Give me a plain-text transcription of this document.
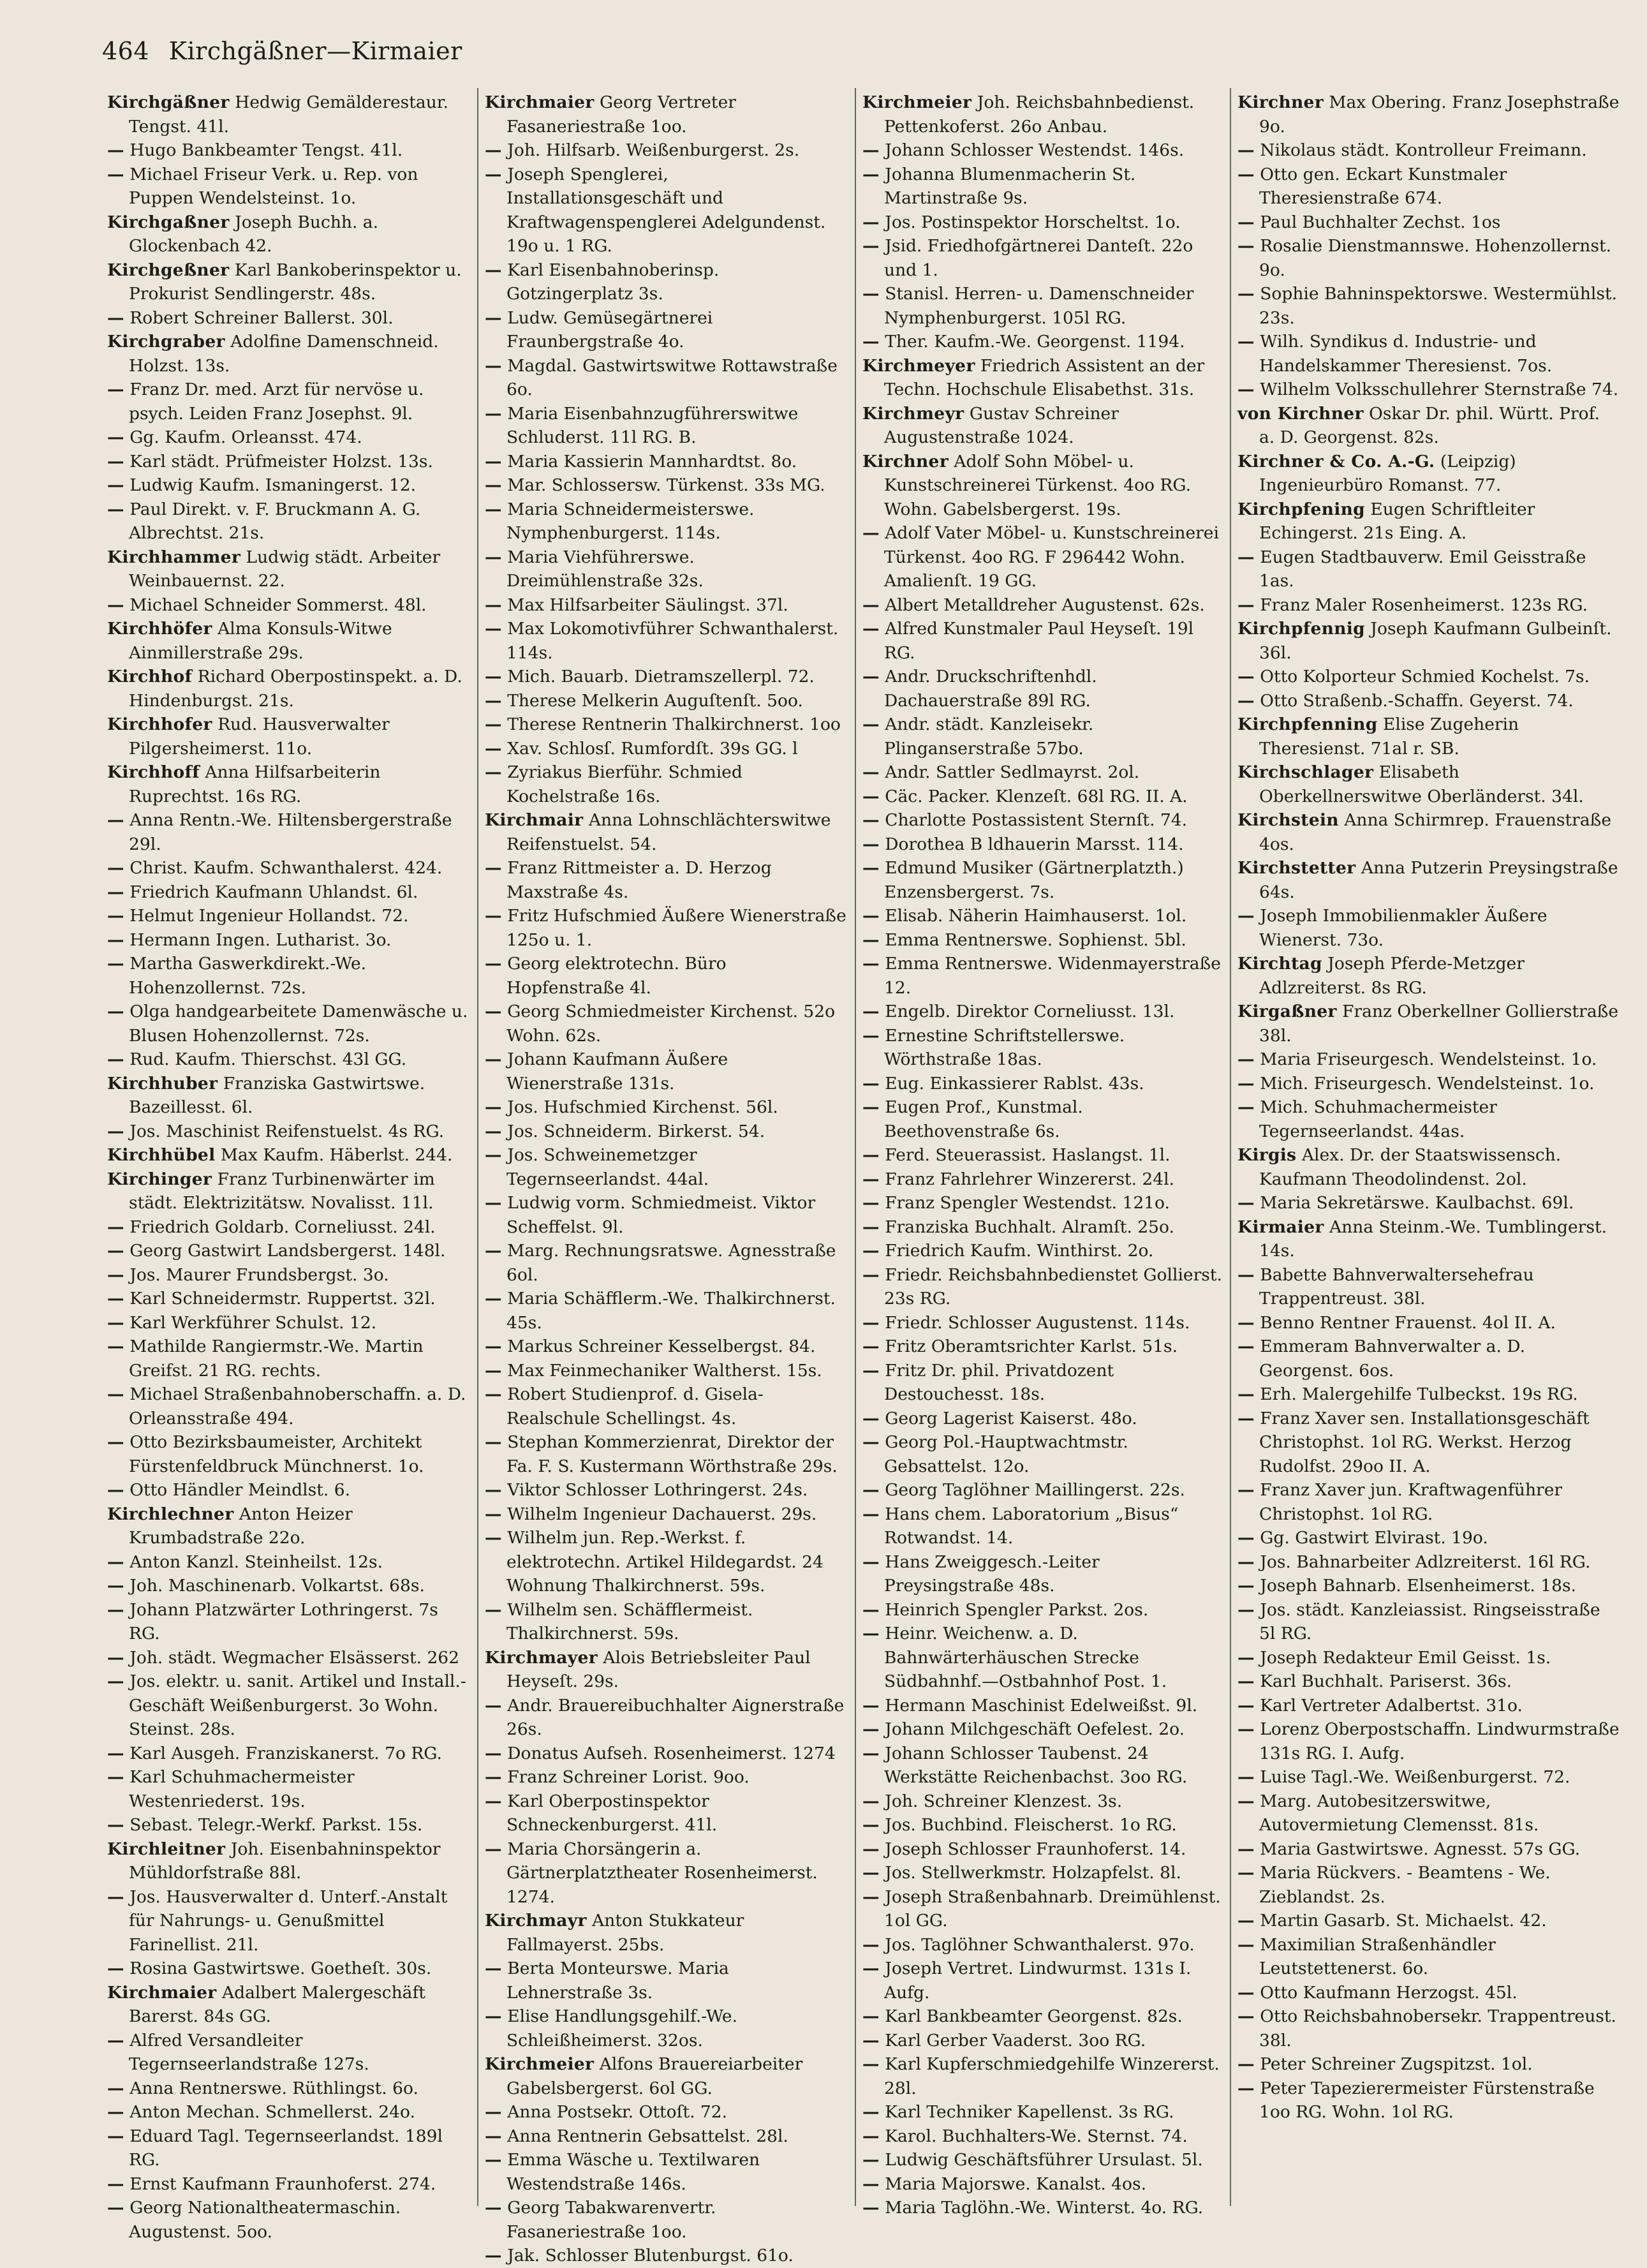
464 Kirchgäßner—Kirmaier

Kirchgäßner Hedwig Gemälderestaur. Tengst. 41l.

— Hugo Bankbeamter Tengst. 41l.

— Michael Friseur Verk. u. Rep. von Puppen Wendelsteinst. 1o.

Kirchgaßner Joseph Buchh. a. Glockenbach 42.

Kirchgeßner Karl Bankoberinspektor u. Prokurist Sendlingerstr. 48s.

— Robert Schreiner Ballerst. 30l.

Kirchgraber Adolfine Damenschneid. Holzst. 13s.

— Franz Dr. med. Arzt für nervöse u. psych. Leiden Franz Josephst. 9l.

— Gg. Kaufm. Orleansst. 474.

— Karl städt. Prüfmeister Holzst. 13s.

— Ludwig Kaufm. Ismaningerst. 12.

— Paul Direkt. v. F. Bruckmann A. G. Albrechtst. 21s.

Kirchhammer Ludwig städt. Arbeiter Weinbauernst. 22.

— Michael Schneider Sommerst. 48l.

Kirchhöfer Alma Konsuls-Witwe Ainmillerstraße 29s.

Kirchhof Richard Oberpostinspekt. a. D. Hindenburgst. 21s.

Kirchhofer Rud. Hausverwalter Pilgersheimerst. 11o.

Kirchhoff Anna Hilfsarbeiterin Ruprechtst. 16s RG.

— Anna Rentn.-We. Hiltensbergerstraße 29l.

— Christ. Kaufm. Schwanthalerst. 424.

— Friedrich Kaufmann Uhlandst. 6l.

— Helmut Ingenieur Hollandst. 72.

— Hermann Ingen. Lutharist. 3o.

— Martha Gaswerkdirekt.-We. Hohenzollernst. 72s.

— Olga handgearbeitete Damenwäsche u. Blusen Hohenzollernst. 72s.

— Rud. Kaufm. Thierschst. 43l GG.

Kirchhuber Franziska Gastwirtswe. Bazeillesst. 6l.

— Jos. Maschinist Reifenstuelst. 4s RG.

Kirchhübel Max Kaufm. Häberlst. 244.

Kirchinger Franz Turbinenwärter im städt. Elektrizitätsw. Novalisst. 11l.

— Friedrich Goldarb. Corneliusst. 24l.

— Georg Gastwirt Landsbergerst. 148l.

— Jos. Maurer Frundsbergst. 3o.

— Karl Schneidermstr. Ruppertst. 32l.

— Karl Werkführer Schulst. 12.

— Mathilde Rangiermstr.-We. Martin Greifst. 21 RG. rechts.

— Michael Straßenbahnoberschaffn. a. D. Orleansstraße 494.

— Otto Bezirksbaumeister, Architekt Fürstenfeldbruck Münchnerst. 1o.

— Otto Händler Meindlst. 6.

Kirchlechner Anton Heizer Krumbadstraße 22o.

— Anton Kanzl. Steinheilst. 12s.

— Joh. Maschinenarb. Volkartst. 68s.

— Johann Platzwärter Lothringerst. 7s RG.

— Joh. städt. Wegmacher Elsässerst. 262

— Jos. elektr. u. sanit. Artikel und Install.-Geschäft Weißenburgerst. 3o Wohn. Steinst. 28s.

— Karl Ausgeh. Franziskanerst. 7o RG.

— Karl Schuhmachermeister Westenriederst. 19s.

— Sebast. Telegr.-Werkf. Parkst. 15s.

Kirchleitner Joh. Eisenbahninspektor Mühldorfstraße 88l.

— Jos. Hausverwalter d. Unterf.-Anstalt für Nahrungs- u. Genußmittel Farinellist. 21l.

— Rosina Gastwirtswe. Goetheſt. 30s.

Kirchmaier Adalbert Malergeschäft Barerst. 84s GG.

— Alfred Versandleiter Tegernseerlandstraße 127s.

— Anna Rentnerswe. Rüthlingst. 6o.

— Anton Mechan. Schmellerst. 24o.

— Eduard Tagl. Tegernseerlandst. 189l RG.

— Ernst Kaufmann Fraunhoferst. 274.

— Georg Nationaltheatermaschin. Augustenst. 5oo.

Kirchmaier Georg Vertreter Fasaneriestraße 1oo.

— Joh. Hilfsarb. Weißenburgerst. 2s.

— Joseph Spenglerei, Installationsgeschäft und Kraftwagenspenglerei Adelgundenst. 19o u. 1 RG.

— Karl Eisenbahnoberinsp. Gotzingerplatz 3s.

— Ludw. Gemüsegärtnerei Fraunbergstraße 4o.

— Magdal. Gastwirtswitwe Rottawstraße 6o.

— Maria Eisenbahnzugführerswitwe Schluderst. 11l RG. B.

— Maria Kassierin Mannhardtst. 8o.

— Mar. Schlossersw. Türkenst. 33s MG.

— Maria Schneidermeisterswe. Nymphenburgerst. 114s.

— Maria Viehführerswe. Dreimühlenstraße 32s.

— Max Hilfsarbeiter Säulingst. 37l.

— Max Lokomotivführer Schwanthalerst. 114s.

— Mich. Bauarb. Dietramszellerpl. 72.

— Therese Melkerin Auguſtenſt. 5oo.

— Therese Rentnerin Thalkirchnerst. 1oo

— Xav. Schlosſ. Rumfordſt. 39s GG. l

— Zyriakus Bierführ. Schmied Kochelstraße 16s.

Kirchmair Anna Lohnschlächterswitwe Reifenstuelst. 54.

— Franz Rittmeister a. D. Herzog Maxstraße 4s.

— Fritz Hufschmied Äußere Wienerstraße 125o u. 1.

— Georg elektrotechn. Büro Hopfenstraße 4l.

— Georg Schmiedmeister Kirchenst. 52o Wohn. 62s.

— Johann Kaufmann Äußere Wienerstraße 131s.

— Jos. Hufschmied Kirchenst. 56l.

— Jos. Schneiderm. Birkerst. 54.

— Jos. Schweinemetzger Tegernseerlandst. 44al.

— Ludwig vorm. Schmiedmeist. Viktor Scheffelst. 9l.

— Marg. Rechnungsratswe. Agnesstraße 6ol.

— Maria Schäfflerm.-We. Thalkirchnerst. 45s.

— Markus Schreiner Kesselbergst. 84.

— Max Feinmechaniker Waltherst. 15s.

— Robert Studienprof. d. Gisela-Realschule Schellingst. 4s.

— Stephan Kommerzienrat, Direktor der Fa. F. S. Kustermann Wörthstraße 29s.

— Viktor Schlosser Lothringerst. 24s.

— Wilhelm Ingenieur Dachauerst. 29s.

— Wilhelm jun. Rep.-Werkst. f. elektrotechn. Artikel Hildegardst. 24 Wohnung Thalkirchnerst. 59s.

— Wilhelm sen. Schäfflermeist. Thalkirchnerst. 59s.

Kirchmayer Alois Betriebsleiter Paul Heyseſt. 29s.

— Andr. Brauereibuchhalter Aignerstraße 26s.

— Donatus Aufseh. Rosenheimerst. 1274

— Franz Schreiner Lorist. 9oo.

— Karl Oberpostinspektor Schneckenburgerst. 41l.

— Maria Chorsängerin a. Gärtnerplatztheater Rosenheimerst. 1274.

Kirchmayr Anton Stukkateur Fallmayerst. 25bs.

— Berta Monteurswe. Maria Lehnerstraße 3s.

— Elise Handlungsgehilf.-We. Schleißheimerst. 32os.

Kirchmeier Alfons Brauereiarbeiter Gabelsbergerst. 6ol GG.

— Anna Postsekr. Ottoſt. 72.

— Anna Rentnerin Gebsattelst. 28l.

— Emma Wäsche u. Textilwaren Westendstraße 146s.

— Georg Tabakwarenvertr. Fasaneriestraße 1oo.

— Jak. Schlosser Blutenburgst. 61o.

Kirchmeier Joh. Reichsbahnbedienst. Pettenkoferst. 26o Anbau.

— Johann Schlosser Westendst. 146s.

— Johanna Blumenmacherin St. Martinstraße 9s.

— Jos. Postinspektor Horscheltst. 1o.

— Jsid. Friedhofgärtnerei Danteſt. 22o und 1.

— Stanisl. Herren- u. Damenschneider Nymphenburgerst. 105l RG.

— Ther. Kaufm.-We. Georgenst. 1194.

Kirchmeyer Friedrich Assistent an der Techn. Hochschule Elisabethst. 31s.

Kirchmeyr Gustav Schreiner Augustenstraße 1024.

Kirchner Adolf Sohn Möbel- u. Kunstschreinerei Türkenst. 4oo RG. Wohn. Gabelsbergerst. 19s.

— Adolf Vater Möbel- u. Kunstschreinerei Türkenst. 4oo RG. F 296442 Wohn. Amalienſt. 19 GG.

— Albert Metalldreher Augustenst. 62s.

— Alfred Kunstmaler Paul Heyseſt. 19l RG.

— Andr. Druckschriftenhdl. Dachauerstraße 89l RG.

— Andr. städt. Kanzleisekr. Plinganserstraße 57bo.

— Andr. Sattler Sedlmayrst. 2ol.

— Cäc. Packer. Klenzeſt. 68l RG. II. A.

— Charlotte Postassistent Sternſt. 74.

— Dorothea B ldhauerin Marsst. 114.

— Edmund Musiker (Gärtnerplatzth.) Enzensbergerst. 7s.

— Elisab. Näherin Haimhauserst. 1ol.

— Emma Rentnerswe. Sophienst. 5bl.

— Emma Rentnerswe. Widenmayerstraße 12.

— Engelb. Direktor Corneliusst. 13l.

— Ernestine Schriftstellerswe. Wörthstraße 18as.

— Eug. Einkassierer Rablst. 43s.

— Eugen Prof., Kunstmal. Beethovenstraße 6s.

— Ferd. Steuerassist. Haslangst. 1l.

— Franz Fahrlehrer Winzererst. 24l.

— Franz Spengler Westendst. 121o.

— Franziska Buchhalt. Alramſt. 25o.

— Friedrich Kaufm. Winthirst. 2o.

— Friedr. Reichsbahnbedienstet Gollierst. 23s RG.

— Friedr. Schlosser Augustenst. 114s.

— Fritz Oberamtsrichter Karlst. 51s.

— Fritz Dr. phil. Privatdozent Destouchesst. 18s.

— Georg Lagerist Kaiserst. 48o.

— Georg Pol.-Hauptwachtmstr. Gebsattelst. 12o.

— Georg Taglöhner Maillingerst. 22s.

— Hans chem. Laboratorium „Bisus“ Rotwandst. 14.

— Hans Zweiggesch.-Leiter Preysingstraße 48s.

— Heinrich Spengler Parkst. 2os.

— Heinr. Weichenw. a. D. Bahnwärterhäuschen Strecke Südbahnhf.—Ostbahnhof Post. 1.

— Hermann Maschinist Edelweißst. 9l.

— Johann Milchgeschäft Oefelest. 2o.

— Johann Schlosser Taubenst. 24 Werkstätte Reichenbachst. 3oo RG.

— Joh. Schreiner Klenzest. 3s.

— Jos. Buchbind. Fleischerst. 1o RG.

— Joseph Schlosser Fraunhoferst. 14.

— Jos. Stellwerkmstr. Holzapfelst. 8l.

— Joseph Straßenbahnarb. Dreimühlenst. 1ol GG.

— Jos. Taglöhner Schwanthalerst. 97o.

— Joseph Vertret. Lindwurmst. 131s I. Aufg.

— Karl Bankbeamter Georgenst. 82s.

— Karl Gerber Vaaderst. 3oo RG.

— Karl Kupferschmiedgehilfe Winzererst. 28l.

— Karl Techniker Kapellenst. 3s RG.

— Karol. Buchhalters-We. Sternst. 74.

— Ludwig Geschäftsführer Ursulast. 5l.

— Maria Majorswe. Kanalst. 4os.

— Maria Taglöhn.-We. Winterst. 4o. RG.

Kirchner Max Obering. Franz Josephstraße 9o.

— Nikolaus städt. Kontrolleur Freimann.

— Otto gen. Eckart Kunstmaler Theresienstraße 674.

— Paul Buchhalter Zechst. 1os

— Rosalie Dienstmannswe. Hohenzollernst. 9o.

— Sophie Bahninspektorswe. Westermühlst. 23s.

— Wilh. Syndikus d. Industrie- und Handelskammer Theresienst. 7os.

— Wilhelm Volksschullehrer Sternstraße 74.

von Kirchner Oskar Dr. phil. Württ. Prof. a. D. Georgenst. 82s.

Kirchner & Co. A.-G. (Leipzig) Ingenieurbüro Romanst. 77.

Kirchpfening Eugen Schriftleiter Echingerst. 21s Eing. A.

— Eugen Stadtbauverw. Emil Geisstraße 1as.

— Franz Maler Rosenheimerst. 123s RG.

Kirchpfennig Joseph Kaufmann Gulbeinſt. 36l.

— Otto Kolporteur Schmied Kochelst. 7s.

— Otto Straßenb.-Schaffn. Geyerst. 74.

Kirchpfenning Elise Zugeherin Theresienst. 71al r. SB.

Kirchschlager Elisabeth Oberkellnerswitwe Oberländerst. 34l.

Kirchstein Anna Schirmrep. Frauenstraße 4os.

Kirchstetter Anna Putzerin Preysingstraße 64s.

— Joseph Immobilienmakler Äußere Wienerst. 73o.

Kirchtag Joseph Pferde-Metzger Adlzreiterst. 8s RG.

Kirgaßner Franz Oberkellner Gollierstraße 38l.

— Maria Friseurgesch. Wendelsteinst. 1o.

— Mich. Friseurgesch. Wendelsteinst. 1o.

— Mich. Schuhmachermeister Tegernseerlandst. 44as.

Kirgis Alex. Dr. der Staatswissensch. Kaufmann Theodolindenst. 2ol.

— Maria Sekretärswe. Kaulbachst. 69l.

Kirmaier Anna Steinm.-We. Tumblingerst. 14s.

— Babette Bahnverwaltersehefrau Trappentreust. 38l.

— Benno Rentner Frauenst. 4ol II. A.

— Emmeram Bahnverwalter a. D. Georgenst. 6os.

— Erh. Malergehilfe Tulbeckst. 19s RG.

— Franz Xaver sen. Installationsgeschäft Christophst. 1ol RG. Werkst. Herzog Rudolfst. 29oo II. A.

— Franz Xaver jun. Kraftwagenführer Christophst. 1ol RG.

— Gg. Gastwirt Elvirast. 19o.

— Jos. Bahnarbeiter Adlzreiterst. 16l RG.

— Joseph Bahnarb. Elsenheimerst. 18s.

— Jos. städt. Kanzleiassist. Ringseisstraße 5l RG.

— Joseph Redakteur Emil Geisst. 1s.

— Karl Buchhalt. Pariserst. 36s.

— Karl Vertreter Adalbertst. 31o.

— Lorenz Oberpostschaffn. Lindwurmstraße 131s RG. I. Aufg.

— Luise Tagl.-We. Weißenburgerst. 72.

— Marg. Autobesitzerswitwe, Autovermietung Clemensst. 81s.

— Maria Gastwirtswe. Agnesst. 57s GG.

— Maria Rückvers. - Beamtens - We. Zieblandst. 2s.

— Martin Gasarb. St. Michaelst. 42.

— Maximilian Straßenhändler Leutstettenerst. 6o.

— Otto Kaufmann Herzogst. 45l.

— Otto Reichsbahnobersekr. Trappentreust. 38l.

— Peter Schreiner Zugspitzst. 1ol.

— Peter Tapezierermeister Fürstenstraße 1oo RG. Wohn. 1ol RG.
